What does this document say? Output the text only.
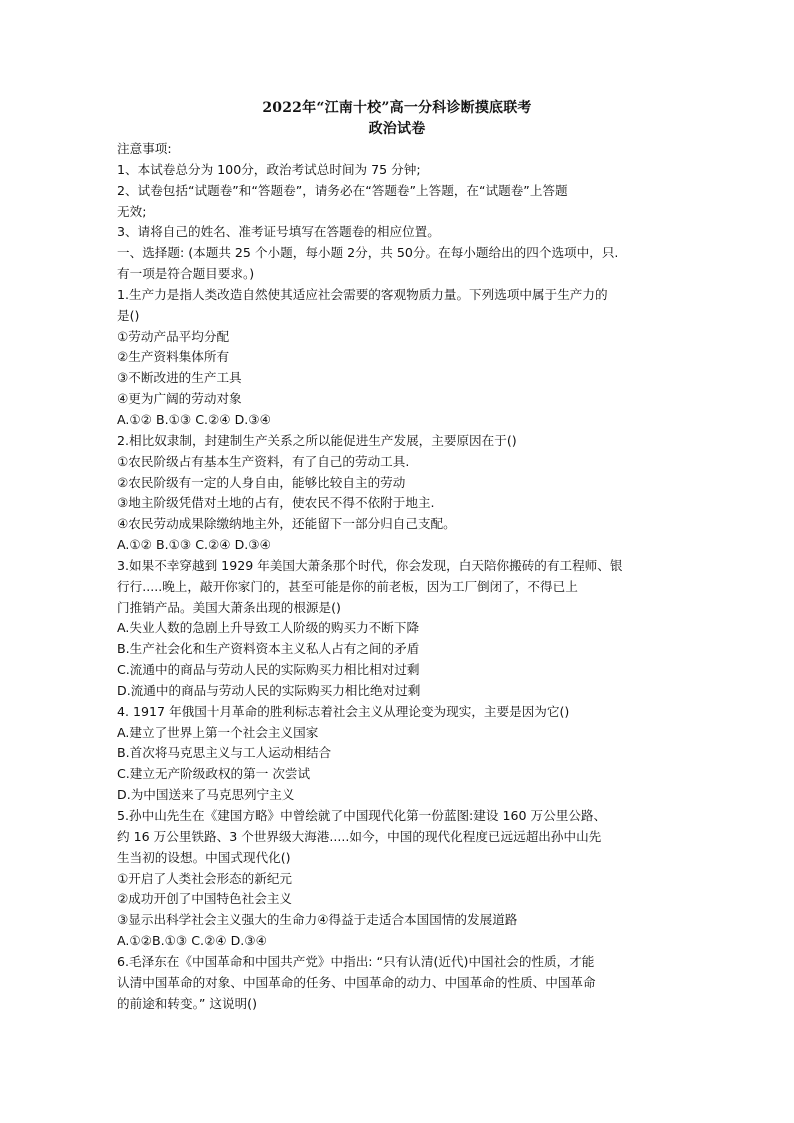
2022年“江南十校”高一分科诊断摸底联考
政治试卷
注意事项:
1、本试卷总分为 100分，政治考试总时间为 75 分钟;
2、试卷包括“试题卷”和“答题卷”，请务必在“答题卷”上答题，在“试题卷”上答题
无效;
3、请将自己的姓名、准考证号填写在答题卷的相应位置。
一、选择题: (本题共 25 个小题，每小题 2分，共 50分。在每小题给出的四个选项中，只.
有一项是符合题目要求。)
1.生产力是指人类改造自然使其适应社会需要的客观物质力量。下列选项中属于生产力的
是()
①劳动产品平均分配
②生产资料集体所有
③不断改进的生产工具
④更为广阔的劳动对象
A.①② B.①③ C.②④ D.③④
2.相比奴隶制，封建制生产关系之所以能促进生产发展，主要原因在于()
①农民阶级占有基本生产资料，有了自己的劳动工具.
②农民阶级有一定的人身自由，能够比较自主的劳动
③地主阶级凭借对土地的占有，使农民不得不依附于地主.
④农民劳动成果除缴纳地主外，还能留下一部分归自己支配。
A.①② B.①③ C.②④ D.③④
3.如果不幸穿越到 1929 年美国大萧条那个时代，你会发现，白天陪你搬砖的有工程师、银
行行.....晚上，敲开你家门的，甚至可能是你的前老板，因为工厂倒闭了，不得已上
门推销产品。美国大萧条出现的根源是()
A.失业人数的急剧上升导致工人阶级的购买力不断下降
B.生产社会化和生产资料资本主义私人占有之间的矛盾
C.流通中的商品与劳动人民的实际购买力相比相对过剩
D.流通中的商品与劳动人民的实际购买力相比绝对过剩
4. 1917 年俄国十月革命的胜利标志着社会主义从理论变为现实，主要是因为它()
A.建立了世界上第一个社会主义国家
B.首次将马克思主义与工人运动相结合
C.建立无产阶级政权的第一 次尝试
D.为中国送来了马克思列宁主义
5.孙中山先生在《建国方略》中曾绘就了中国现代化第一份蓝图:建设 160 万公里公路、
约 16 万公里铁路、3 个世界级大海港.....如今，中国的现代化程度已远远超出孙中山先
生当初的设想。中国式现代化()
①开启了人类社会形态的新纪元
②成功开创了中国特色社会主义
③显示出科学社会主义强大的生命力④得益于走适合本国国情的发展道路
A.①②B.①③ C.②④ D.③④
6.毛泽东在《中国革命和中国共产党》中指出: “只有认清(近代)中国社会的性质，才能
认清中国革命的对象、中国革命的任务、中国革命的动力、中国革命的性质、中国革命
的前途和转变。” 这说明()
